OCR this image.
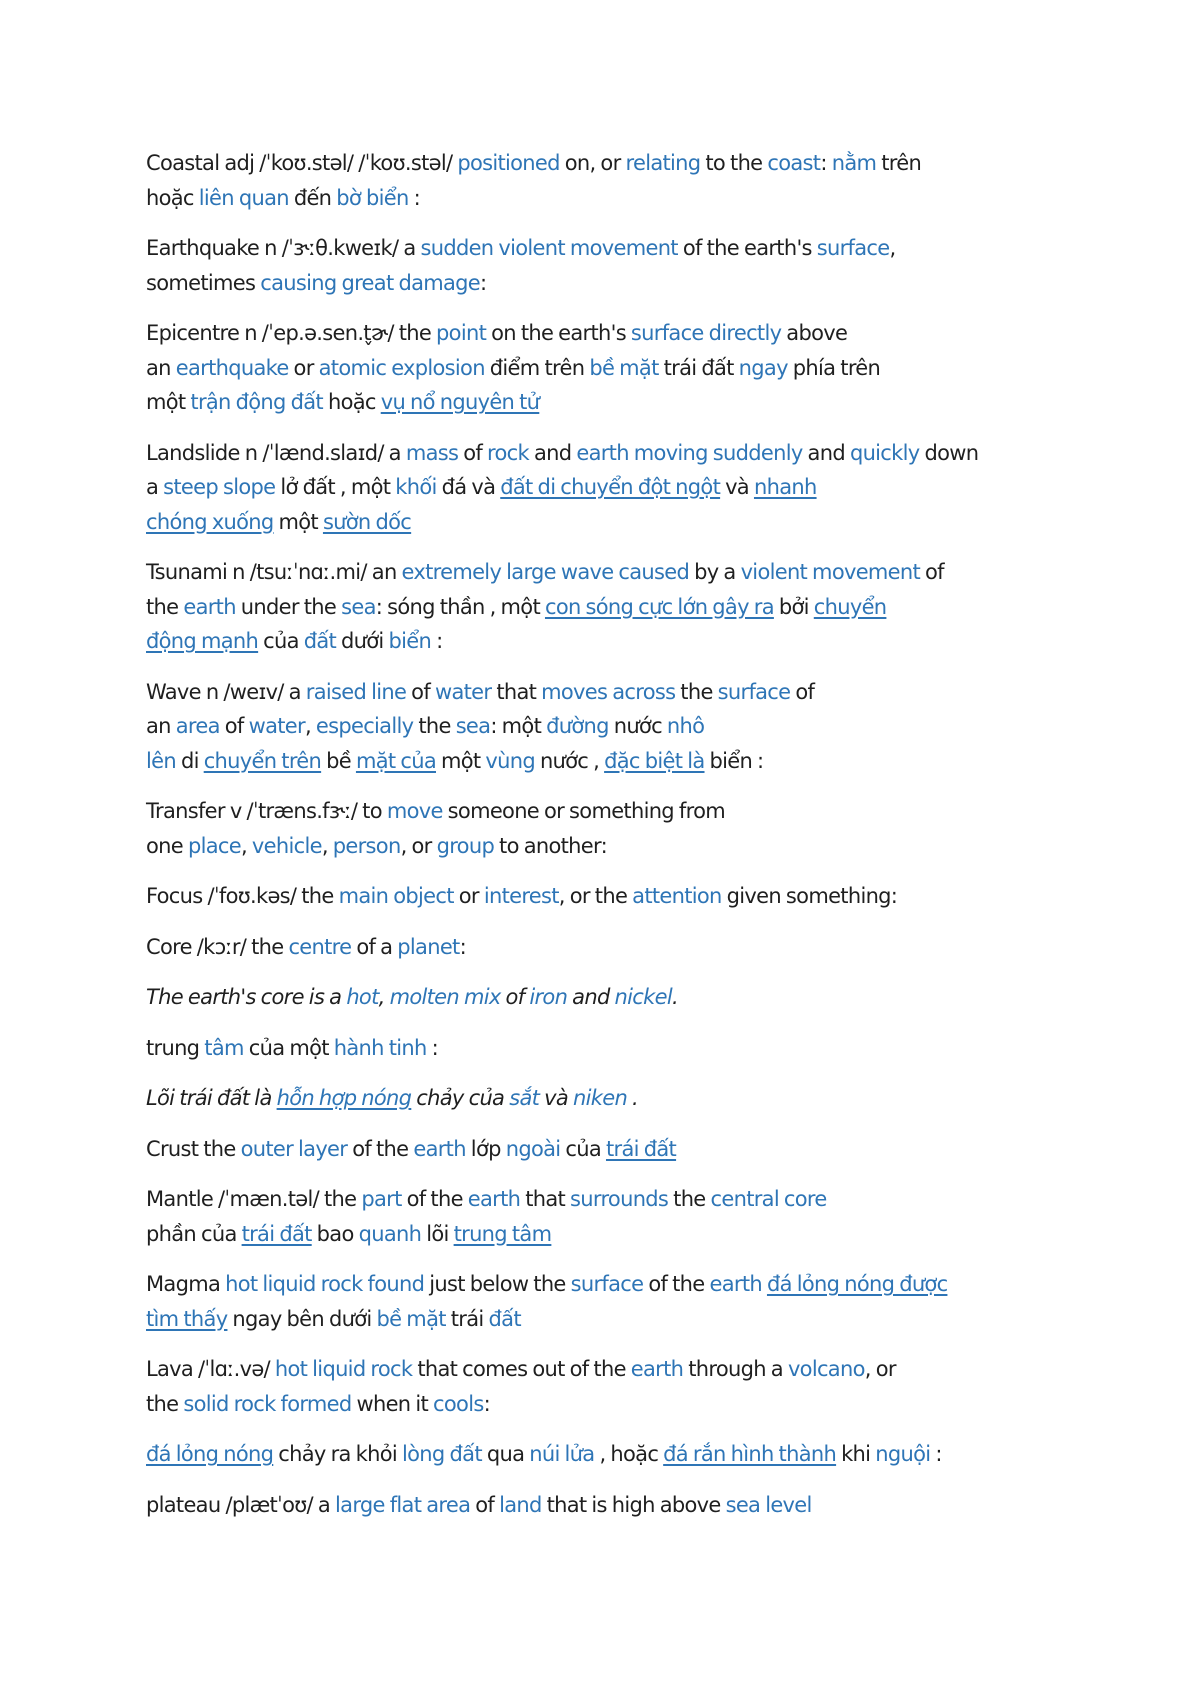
Coastal adj /ˈkoʊ.stəl/ /ˈkoʊ.stəl/ positioned on, or relating to the coast: nằm trên
hoặc liên quan đến bờ biển :

Earthquake n /ˈɝːθ.kweɪk/ a sudden violent movement of the earth's surface,
sometimes causing great damage:

Epicentre n /ˈep.ə.sen.t̬ɚ/ the point on the earth's surface directly above
an earthquake or atomic explosion điểm trên bề mặt trái đất ngay phía trên
một trận động đất hoặc vụ nổ nguyên tử

Landslide n /ˈlænd.slaɪd/ a mass of rock and earth moving suddenly and quickly down
a steep slope lở đất , một khối đá và đất di chuyển đột ngột và nhanh
chóng xuống một sườn dốc

Tsunami n /tsuːˈnɑː.mi/ an extremely large wave caused by a violent movement of
the earth under the sea: sóng thần , một con sóng cực lớn gây ra bởi chuyển
động mạnh của đất dưới biển :

Wave n /weɪv/ a raised line of water that moves across the surface of
an area of water, especially the sea: một đường nước nhô
lên di chuyển trên bề mặt của một vùng nước , đặc biệt là biển :

Transfer v /ˈtræns.fɝː/ to move someone or something from
one place, vehicle, person, or group to another:

Focus /ˈfoʊ.kəs/ the main object or interest, or the attention given something:

Core /kɔːr/ the centre of a planet:

The earth's core is a hot, molten mix of iron and nickel.

trung tâm của một hành tinh :

Lõi trái đất là hỗn hợp nóng chảy của sắt và niken .

Crust the outer layer of the earth lớp ngoài của trái đất

Mantle /ˈmæn.təl/ the part of the earth that surrounds the central core
phần của trái đất bao quanh lõi trung tâm

Magma hot liquid rock found just below the surface of the earth đá lỏng nóng được
tìm thấy ngay bên dưới bề mặt trái đất

Lava /ˈlɑː.və/ hot liquid rock that comes out of the earth through a volcano, or
the solid rock formed when it cools:

đá lỏng nóng chảy ra khỏi lòng đất qua núi lửa , hoặc đá rắn hình thành khi nguội :

plateau /plætˈoʊ/ a large flat area of land that is high above sea level
